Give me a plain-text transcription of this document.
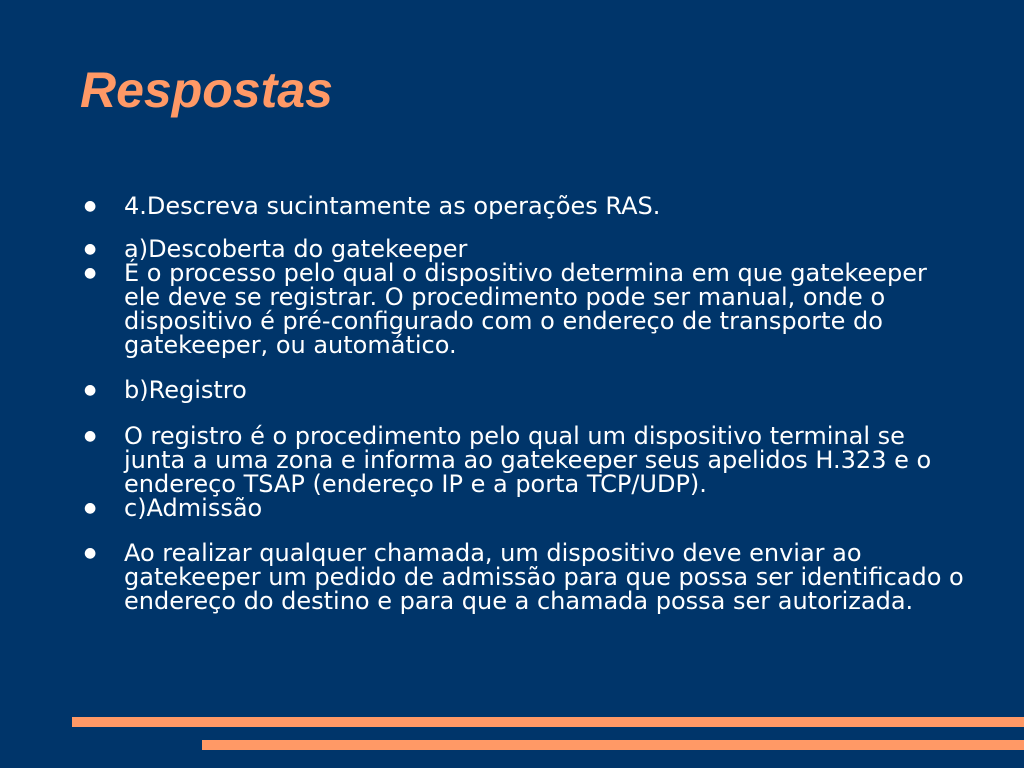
Respostas
●	4.Descreva sucintamente as operações RAS.
●	a)Descoberta do gatekeeper
●	É o processo pelo qual o dispositivo determina em que gatekeeper ele deve se registrar. O procedimento pode ser manual, onde o dispositivo é pré-configurado com o endereço de transporte do gatekeeper, ou automático.
●	b)Registro
●	O registro é o procedimento pelo qual um dispositivo terminal se junta a uma zona e informa ao gatekeeper seus apelidos H.323 e o endereço TSAP (endereço IP e a porta TCP/UDP).
●	c)Admissão
●	Ao realizar qualquer chamada, um dispositivo deve enviar ao gatekeeper um pedido de admissão para que possa ser identificado o endereço do destino e para que a chamada possa ser autorizada.
